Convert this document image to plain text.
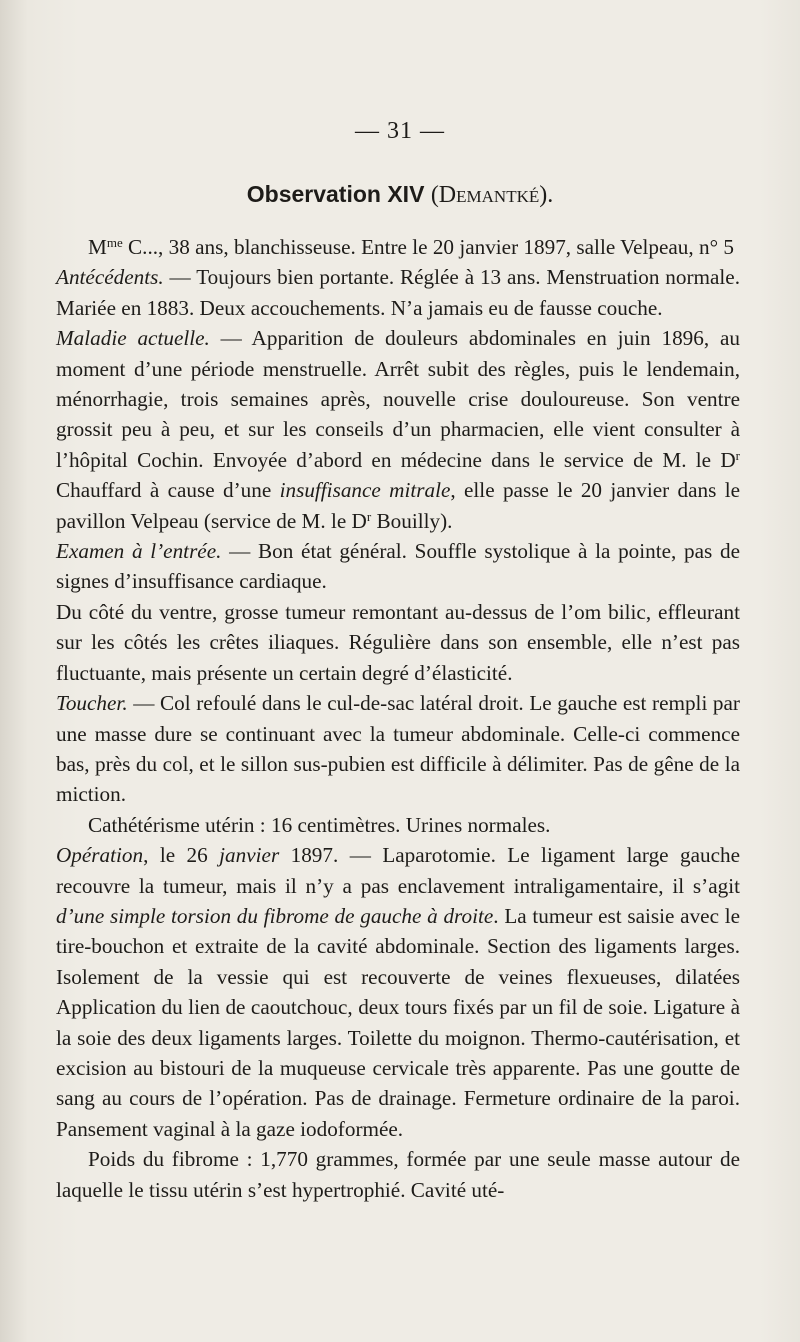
— 31 —
Observation XIV (Demantké).

$M^{me}$ C..., 38 ans, blanchisseuse. Entre le 20 janvier 1897, salle Velpeau, n° 5

Antécédents. — Toujours bien portante. Réglée à 13 ans. Menstruation normale. Mariée en 1883. Deux accouchements. N’a jamais eu de fausse couche.

Maladie actuelle. — Apparition de douleurs abdominales en juin 1896, au moment d’une période menstruelle. Arrêt subit des règles, puis le lendemain, ménorrhagie, trois semaines après, nouvelle crise douloureuse. Son ventre grossit peu à peu, et sur les conseils d’un pharmacien, elle vient consulter à l’hôpital Cochin. Envoyée d’abord en médecine dans le service de M. le $D^r$ Chauffard à cause d’une insuffisance mitrale, elle passe le 20 janvier dans le pavillon Velpeau (service de M. le $D^r$ Bouilly).

Examen à l’entrée. — Bon état général. Souffle systolique à la pointe, pas de signes d’insuffisance cardiaque.

Du côté du ventre, grosse tumeur remontant au-dessus de l’om bilic, effleurant sur les côtés les crêtes iliaques. Régulière dans son ensemble, elle n’est pas fluctuante, mais présente un certain degré d’élasticité.

Toucher. — Col refoulé dans le cul-de-sac latéral droit. Le gauche est rempli par une masse dure se continuant avec la tumeur abdominale. Celle-ci commence bas, près du col, et le sillon sus-pubien est difficile à délimiter. Pas de gêne de la miction.

Cathétérisme utérin : 16 centimètres. Urines normales.

Opération, le 26 janvier 1897. — Laparotomie. Le ligament large gauche recouvre la tumeur, mais il n’y a pas enclavement intraligamentaire, il s’agit d’une simple torsion du fibrome de gauche à droite. La tumeur est saisie avec le tire-bouchon et extraite de la cavité abdominale. Section des ligaments larges. Isolement de la vessie qui est recouverte de veines flexueuses, dilatées Application du lien de caoutchouc, deux tours fixés par un fil de soie. Ligature à la soie des deux ligaments larges. Toilette du moignon. Thermo-cautérisation, et excision au bistouri de la muqueuse cervicale très apparente. Pas une goutte de sang au cours de l’opération. Pas de drainage. Fermeture ordinaire de la paroi. Pansement vaginal à la gaze iodoformée.

Poids du fibrome : 1,770 grammes, formée par une seule masse autour de laquelle le tissu utérin s’est hypertrophié. Cavité uté-
